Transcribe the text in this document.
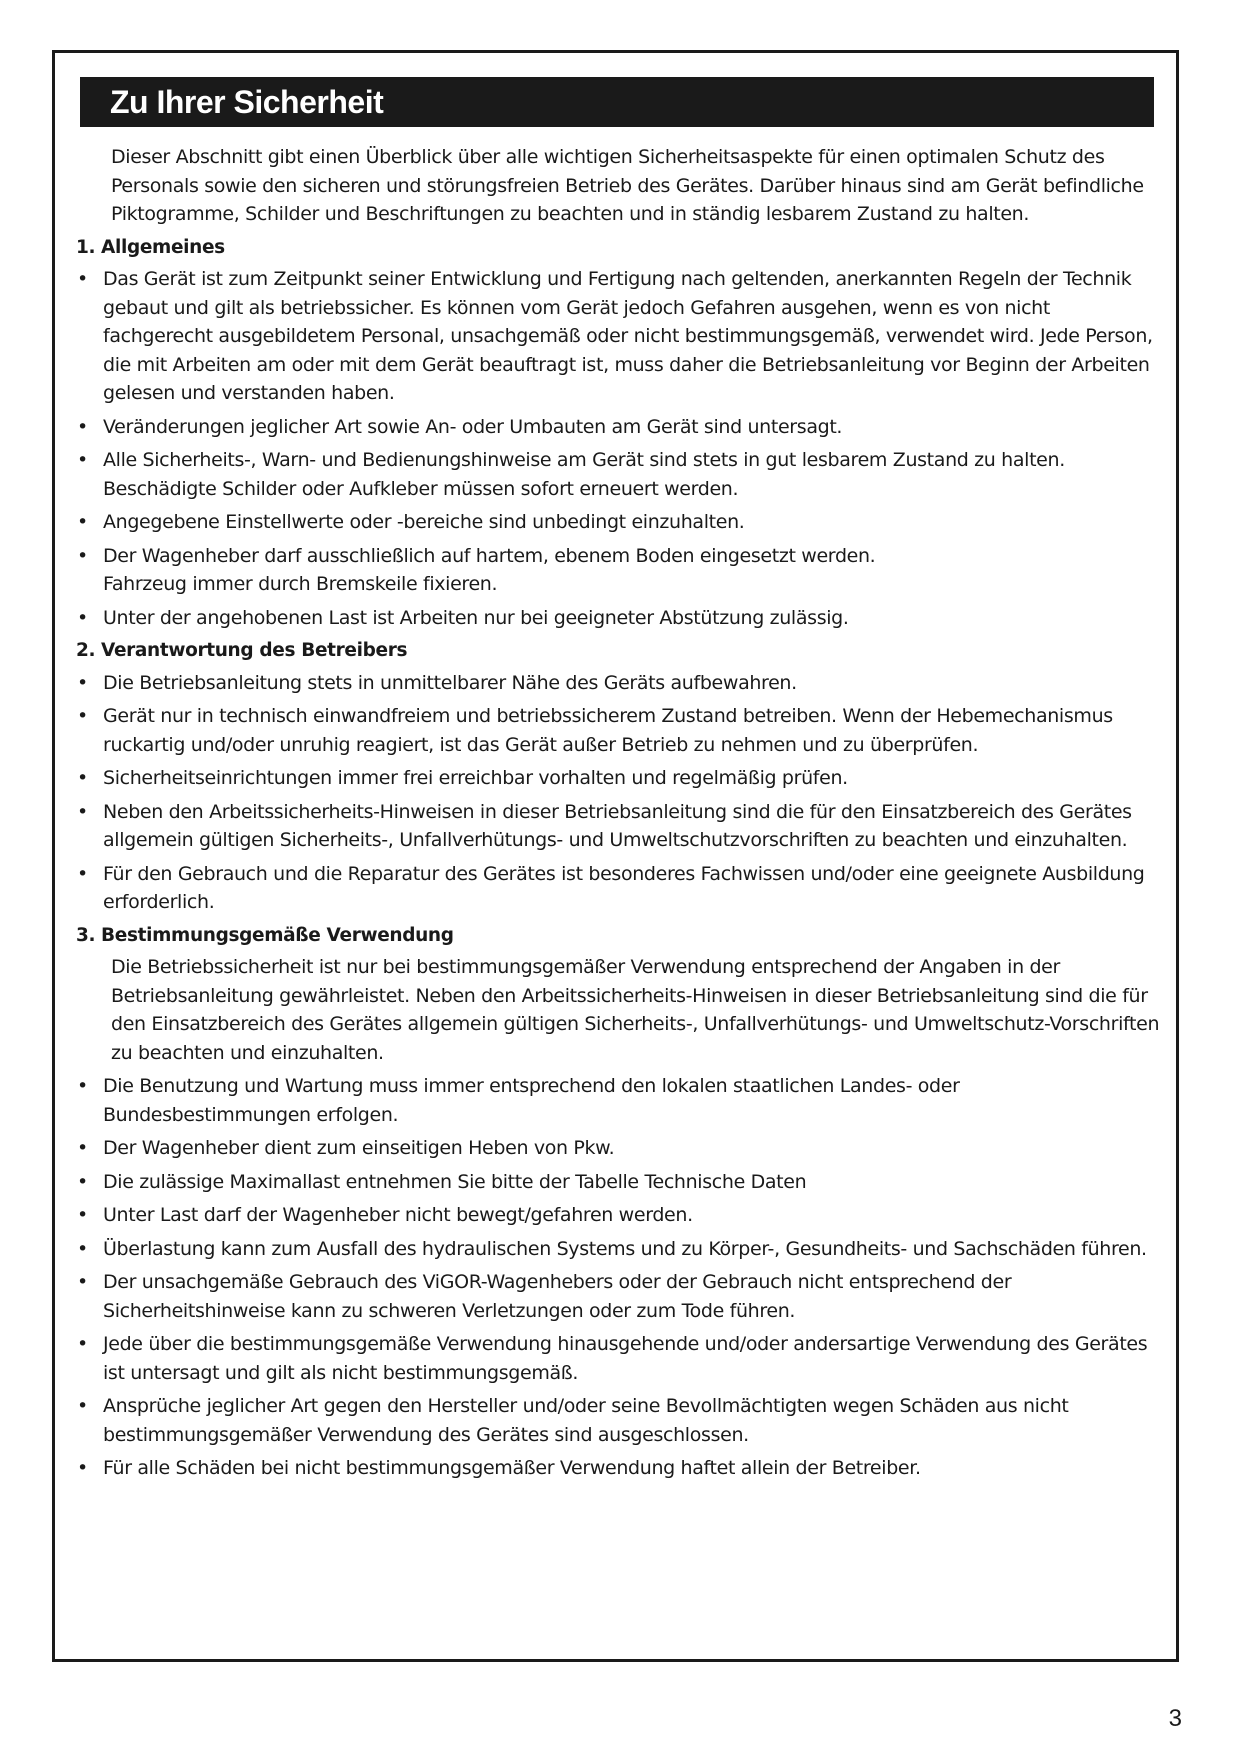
Zu Ihrer Sicherheit

Dieser Abschnitt gibt einen Überblick über alle wichtigen Sicherheitsaspekte für einen optimalen Schutz des Personals sowie den sicheren und störungsfreien Betrieb des Gerätes. Darüber hinaus sind am Gerät befindliche Piktogramme, Schilder und Beschriftungen zu beachten und in ständig lesbarem Zustand zu halten.

1. Allgemeines
• Das Gerät ist zum Zeitpunkt seiner Entwicklung und Fertigung nach geltenden, anerkannten Regeln der Technik gebaut und gilt als betriebssicher. Es können vom Gerät jedoch Gefahren ausgehen, wenn es von nicht fachgerecht ausgebildetem Personal, unsachgemäß oder nicht bestimmungsgemäß, verwendet wird. Jede Person, die mit Arbeiten am oder mit dem Gerät beauftragt ist, muss daher die Betriebsanleitung vor Beginn der Arbeiten gelesen und verstanden haben.
• Veränderungen jeglicher Art sowie An- oder Umbauten am Gerät sind untersagt.
• Alle Sicherheits-, Warn- und Bedienungshinweise am Gerät sind stets in gut lesbarem Zustand zu halten. Beschädigte Schilder oder Aufkleber müssen sofort erneuert werden.
• Angegebene Einstellwerte oder -bereiche sind unbedingt einzuhalten.
• Der Wagenheber darf ausschließlich auf hartem, ebenem Boden eingesetzt werden.
Fahrzeug immer durch Bremskeile fixieren.
• Unter der angehobenen Last ist Arbeiten nur bei geeigneter Abstützung zulässig.
2. Verantwortung des Betreibers
• Die Betriebsanleitung stets in unmittelbarer Nähe des Geräts aufbewahren.
• Gerät nur in technisch einwandfreiem und betriebssicherem Zustand betreiben. Wenn der Hebemechanismus ruckartig und/oder unruhig reagiert, ist das Gerät außer Betrieb zu nehmen und zu überprüfen.
• Sicherheitseinrichtungen immer frei erreichbar vorhalten und regelmäßig prüfen.
• Neben den Arbeitssicherheits-Hinweisen in dieser Betriebsanleitung sind die für den Einsatzbereich des Gerätes allgemein gültigen Sicherheits-, Unfallverhütungs- und Umweltschutzvorschriften zu beachten und einzuhalten.
• Für den Gebrauch und die Reparatur des Gerätes ist besonderes Fachwissen und/oder eine geeignete Ausbildung erforderlich.
3. Bestimmungsgemäße Verwendung

Die Betriebssicherheit ist nur bei bestimmungsgemäßer Verwendung entsprechend der Angaben in der Betriebsanleitung gewährleistet. Neben den Arbeitssicherheits-Hinweisen in dieser Betriebsanleitung sind die für den Einsatzbereich des Gerätes allgemein gültigen Sicherheits-, Unfallverhütungs- und Umweltschutz-Vorschriften zu beachten und einzuhalten.

• Die Benutzung und Wartung muss immer entsprechend den lokalen staatlichen Landes- oder Bundesbestimmungen erfolgen.
• Der Wagenheber dient zum einseitigen Heben von Pkw.
• Die zulässige Maximallast entnehmen Sie bitte der Tabelle Technische Daten
• Unter Last darf der Wagenheber nicht bewegt/gefahren werden.
• Überlastung kann zum Ausfall des hydraulischen Systems und zu Körper-, Gesundheits- und Sachschäden führen.
• Der unsachgemäße Gebrauch des ViGOR-Wagenhebers oder der Gebrauch nicht entsprechend der Sicherheitshinweise kann zu schweren Verletzungen oder zum Tode führen.
• Jede über die bestimmungsgemäße Verwendung hinausgehende und/oder andersartige Verwendung des Gerätes ist untersagt und gilt als nicht bestimmungsgemäß.
• Ansprüche jeglicher Art gegen den Hersteller und/oder seine Bevollmächtigten wegen Schäden aus nicht bestimmungsgemäßer Verwendung des Gerätes sind ausgeschlossen.
• Für alle Schäden bei nicht bestimmungsgemäßer Verwendung haftet allein der Betreiber.
3
